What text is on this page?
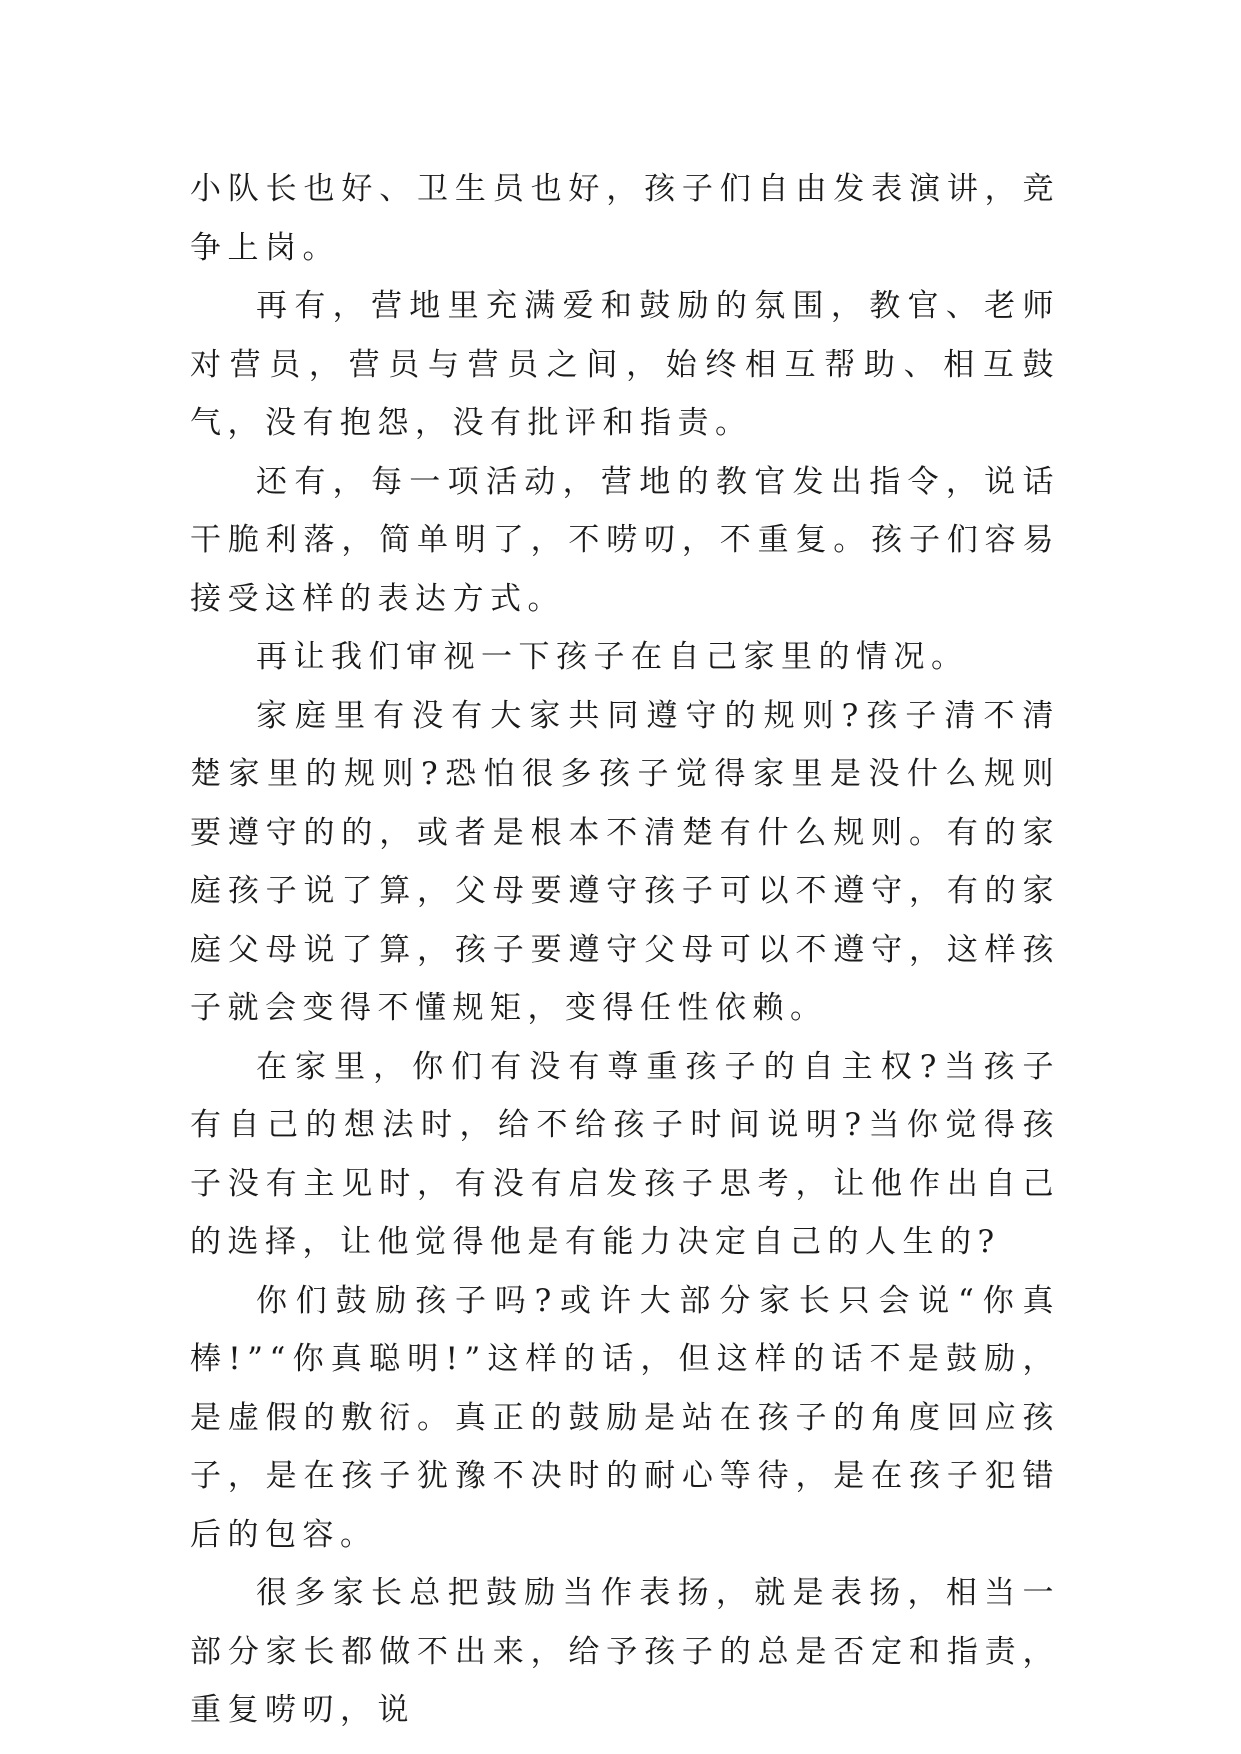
小队长也好、卫生员也好，孩子们自由发表演讲，竞争上岗。

再有，营地里充满爱和鼓励的氛围，教官、老师对营员，营员与营员之间，始终相互帮助、相互鼓气，没有抱怨，没有批评和指责。

还有，每一项活动，营地的教官发出指令，说话干脆利落，简单明了，不唠叨，不重复。孩子们容易接受这样的表达方式。

再让我们审视一下孩子在自己家里的情况。

家庭里有没有大家共同遵守的规则?孩子清不清楚家里的规则?恐怕很多孩子觉得家里是没什么规则要遵守的的，或者是根本不清楚有什么规则。有的家庭孩子说了算，父母要遵守孩子可以不遵守，有的家庭父母说了算，孩子要遵守父母可以不遵守，这样孩子就会变得不懂规矩，变得任性依赖。

在家里，你们有没有尊重孩子的自主权?当孩子有自己的想法时，给不给孩子时间说明?当你觉得孩子没有主见时，有没有启发孩子思考，让他作出自己的选择，让他觉得他是有能力决定自己的人生的?

你们鼓励孩子吗?或许大部分家长只会说“你真棒!”“你真聪明!”这样的话，但这样的话不是鼓励，是虚假的敷衍。真正的鼓励是站在孩子的角度回应孩子，是在孩子犹豫不决时的耐心等待，是在孩子犯错后的包容。

很多家长总把鼓励当作表扬，就是表扬，相当一部分家长都做不出来，给予孩子的总是否定和指责，重复唠叨，说
